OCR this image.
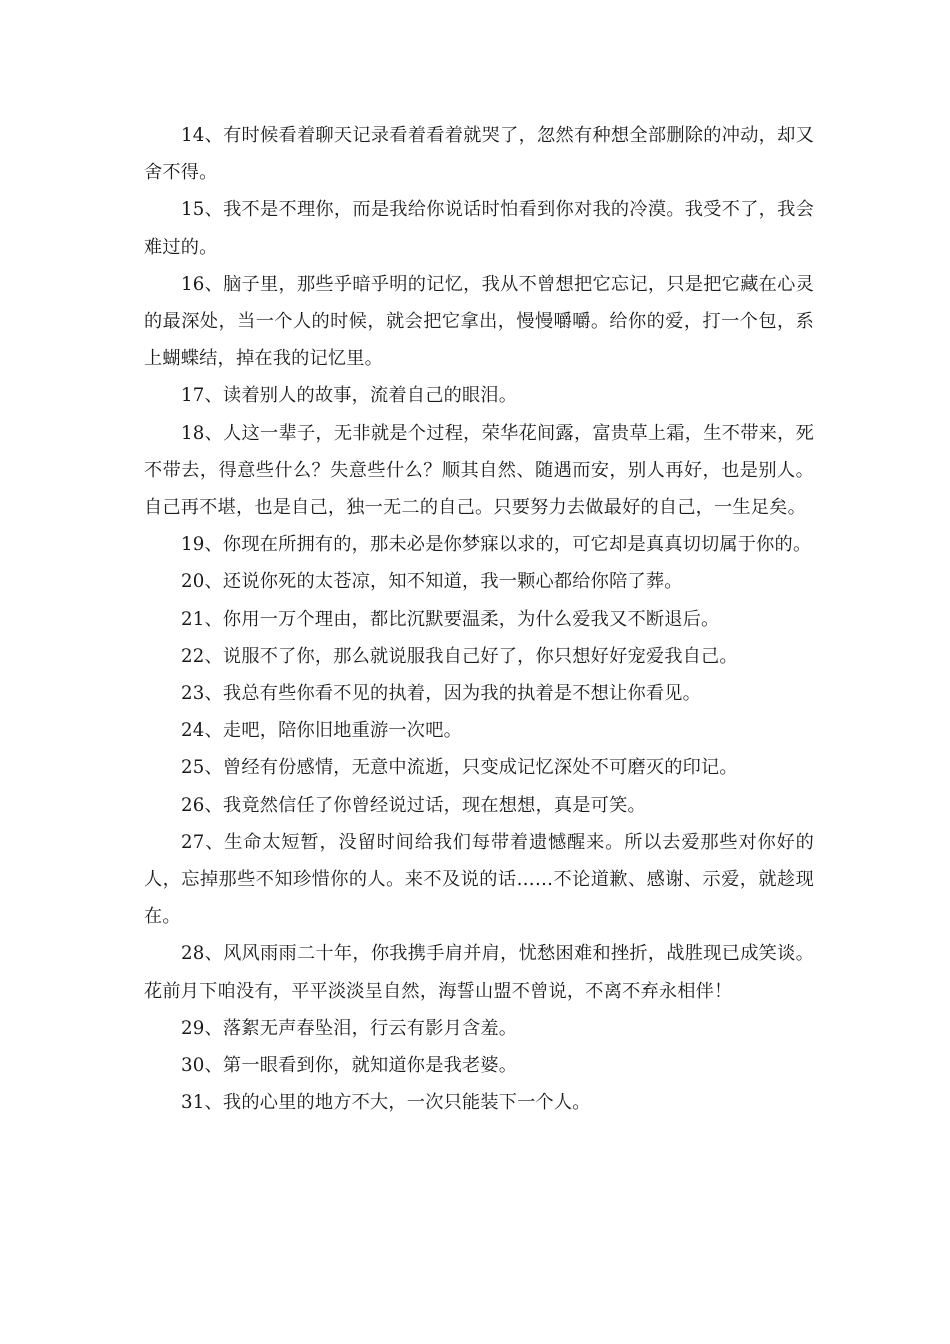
14、有时候看着聊天记录看着看着就哭了，忽然有种想全部删除的冲动，却又舍不得。

15、我不是不理你，而是我给你说话时怕看到你对我的冷漠。我受不了，我会难过的。

16、脑子里，那些乎暗乎明的记忆，我从不曾想把它忘记，只是把它藏在心灵的最深处，当一个人的时候，就会把它拿出，慢慢嚼嚼。给你的爱，打一个包，系上蝴蝶结，掉在我的记忆里。

17、读着别人的故事，流着自己的眼泪。

18、人这一辈子，无非就是个过程，荣华花间露，富贵草上霜，生不带来，死不带去，得意些什么？失意些什么？顺其自然、随遇而安，别人再好，也是别人。自己再不堪，也是自己，独一无二的自己。只要努力去做最好的自己，一生足矣。

19、你现在所拥有的，那未必是你梦寐以求的，可它却是真真切切属于你的。

20、还说你死的太苍凉，知不知道，我一颗心都给你陪了葬。

21、你用一万个理由，都比沉默要温柔，为什么爱我又不断退后。

22、说服不了你，那么就说服我自己好了，你只想好好宠爱我自己。

23、我总有些你看不见的执着，因为我的执着是不想让你看见。

24、走吧，陪你旧地重游一次吧。

25、曾经有份感情，无意中流逝，只变成记忆深处不可磨灭的印记。

26、我竟然信任了你曾经说过话，现在想想，真是可笑。

27、生命太短暂，没留时间给我们每带着遗憾醒来。所以去爱那些对你好的人，忘掉那些不知珍惜你的人。来不及说的话……不论道歉、感谢、示爱，就趁现在。

28、风风雨雨二十年，你我携手肩并肩，忧愁困难和挫折，战胜现已成笑谈。花前月下咱没有，平平淡淡呈自然，海誓山盟不曾说，不离不弃永相伴！

29、落絮无声春坠泪，行云有影月含羞。

30、第一眼看到你，就知道你是我老婆。

31、我的心里的地方不大，一次只能装下一个人。
